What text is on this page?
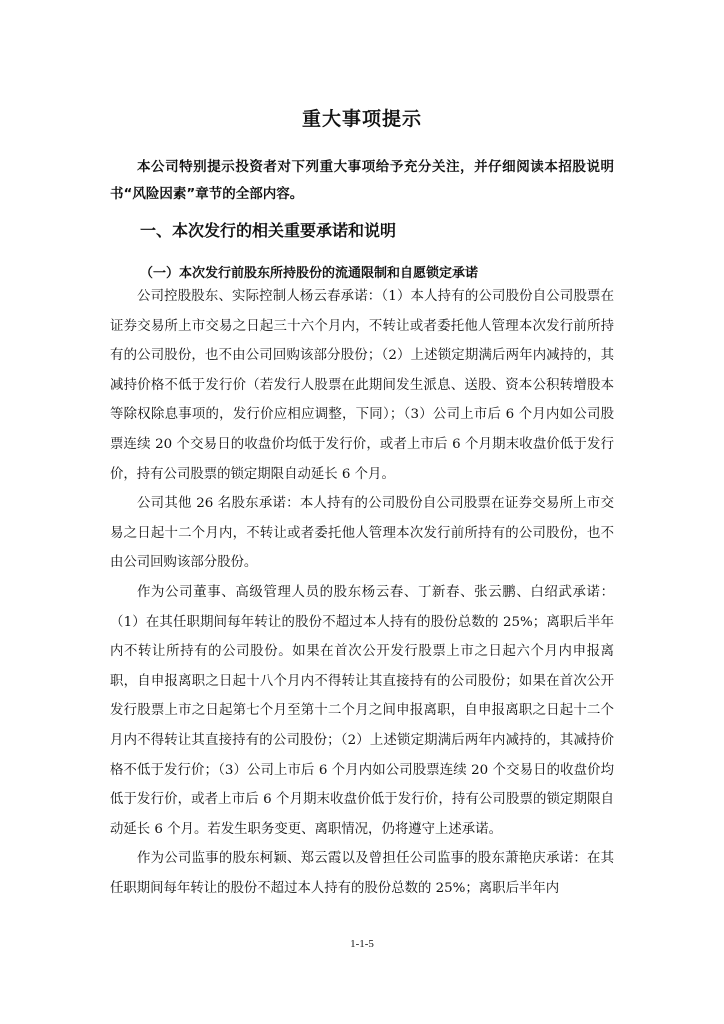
重大事项提示

本公司特别提示投资者对下列重大事项给予充分关注，并仔细阅读本招股说明书“风险因素”章节的全部内容。

一、本次发行的相关重要承诺和说明
（一）本次发行前股东所持股份的流通限制和自愿锁定承诺

公司控股股东、实际控制人杨云春承诺：（1）本人持有的公司股份自公司股票在证券交易所上市交易之日起三十六个月内，不转让或者委托他人管理本次发行前所持有的公司股份，也不由公司回购该部分股份；（2）上述锁定期满后两年内减持的，其减持价格不低于发行价（若发行人股票在此期间发生派息、送股、资本公积转增股本等除权除息事项的，发行价应相应调整，下同）；（3）公司上市后 6 个月内如公司股票连续 20 个交易日的收盘价均低于发行价，或者上市后 6 个月期末收盘价低于发行价，持有公司股票的锁定期限自动延长 6 个月。

公司其他 26 名股东承诺：本人持有的公司股份自公司股票在证券交易所上市交易之日起十二个月内，不转让或者委托他人管理本次发行前所持有的公司股份，也不由公司回购该部分股份。

作为公司董事、高级管理人员的股东杨云春、丁新春、张云鹏、白绍武承诺：（1）在其任职期间每年转让的股份不超过本人持有的股份总数的 25%；离职后半年内不转让所持有的公司股份。如果在首次公开发行股票上市之日起六个月内申报离职，自申报离职之日起十八个月内不得转让其直接持有的公司股份；如果在首次公开发行股票上市之日起第七个月至第十二个月之间申报离职，自申报离职之日起十二个月内不得转让其直接持有的公司股份；（2）上述锁定期满后两年内减持的，其减持价格不低于发行价；（3）公司上市后 6 个月内如公司股票连续 20 个交易日的收盘价均低于发行价，或者上市后 6 个月期末收盘价低于发行价，持有公司股票的锁定期限自动延长 6 个月。若发生职务变更、离职情况，仍将遵守上述承诺。

作为公司监事的股东柯颖、郑云霞以及曾担任公司监事的股东萧艳庆承诺：在其任职期间每年转让的股份不超过本人持有的股份总数的 25%；离职后半年内

1-1-5
